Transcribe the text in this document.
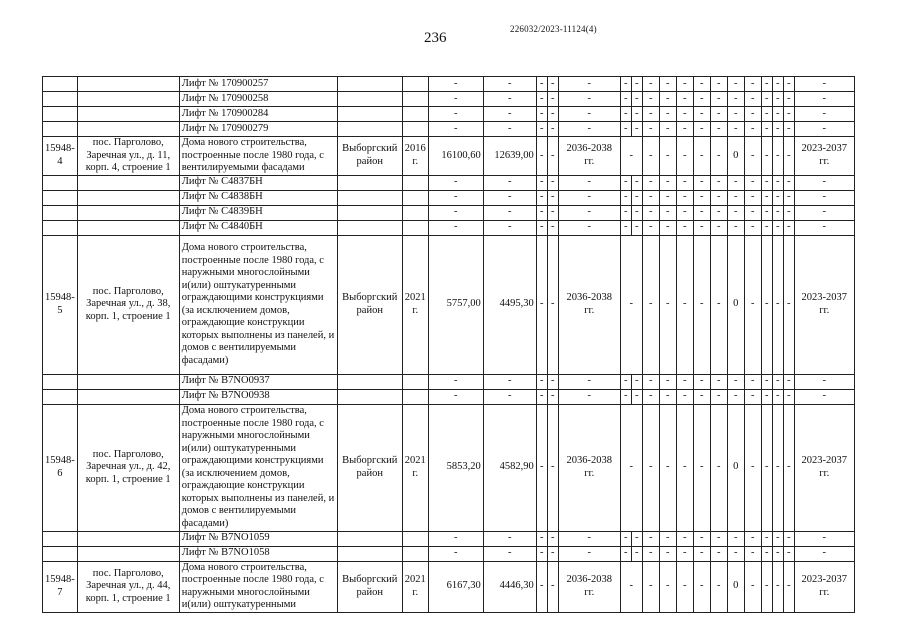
236
226032/2023-11124(4)
		Лифт № 170900257			-	-	-	-	-	-	-	-	-	-	-	-	-	-	-	-	-	-
		Лифт № 170900258			-	-	-	-	-	-	-	-	-	-	-	-	-	-	-	-	-	-
		Лифт № 170900284			-	-	-	-	-	-	-	-	-	-	-	-	-	-	-	-	-	-
		Лифт № 170900279			-	-	-	-	-	-	-	-	-	-	-	-	-	-	-	-	-	-
15948-4	пос. Парголово, Заречная ул., д. 11, корп. 4, строение 1	Дома нового строительства, построенные после 1980 года, с вентилируемыми фасадами	Выборгский район	2016 г.	16100,60	12639,00	-	-	2036-2038 гг.	-		-	-	-	-	-	0	-	-	-	-	2023-2037 гг.
		Лифт № С4837БН			-	-	-	-	-	-	-	-	-	-	-	-	-	-	-	-	-	-
		Лифт № С4838БН			-	-	-	-	-	-	-	-	-	-	-	-	-	-	-	-	-	-
		Лифт № С4839БН			-	-	-	-	-	-	-	-	-	-	-	-	-	-	-	-	-	-
		Лифт № С4840БН			-	-	-	-	-	-	-	-	-	-	-	-	-	-	-	-	-	-
15948-5	пос. Парголово, Заречная ул., д. 38, корп. 1, строение 1	Дома нового строительства, построенные после 1980 года, с наружными многослойными и(или) оштукатуренными ограждающими конструкциями (за исключением домов, ограждающие конструкции которых выполнены из панелей, и домов с вентилируемыми фасадами)	Выборгский район	2021 г.	5757,00	4495,30	-	-	2036-2038 гг.	-		-	-	-	-	-	0	-	-	-	-	2023-2037 гг.
		Лифт № В7NO0937			-	-	-	-	-	-	-	-	-	-	-	-	-	-	-	-	-	-
		Лифт № В7NO0938			-	-	-	-	-	-	-	-	-	-	-	-	-	-	-	-	-	-
15948-6	пос. Парголово, Заречная ул., д. 42, корп. 1, строение 1	Дома нового строительства, построенные после 1980 года, с наружными многослойными и(или) оштукатуренными ограждающими конструкциями (за исключением домов, ограждающие конструкции которых выполнены из панелей, и домов с вентилируемыми фасадами)	Выборгский район	2021 г.	5853,20	4582,90	-	-	2036-2038 гг.	-		-	-	-	-	-	0	-	-	-	-	2023-2037 гг.
		Лифт № В7NO1059			-	-	-	-	-	-	-	-	-	-	-	-	-	-	-	-	-	-
		Лифт № В7NO1058			-	-	-	-	-	-	-	-	-	-	-	-	-	-	-	-	-	-
15948-7	пос. Парголово, Заречная ул., д. 44, корп. 1, строение 1	Дома нового строительства, построенные после 1980 года, с наружными многослойными и(или) оштукатуренными	Выборгский район	2021 г.	6167,30	4446,30	-	-	2036-2038 гг.	-		-	-	-	-	-	0	-	-	-	-	2023-2037 гг.
